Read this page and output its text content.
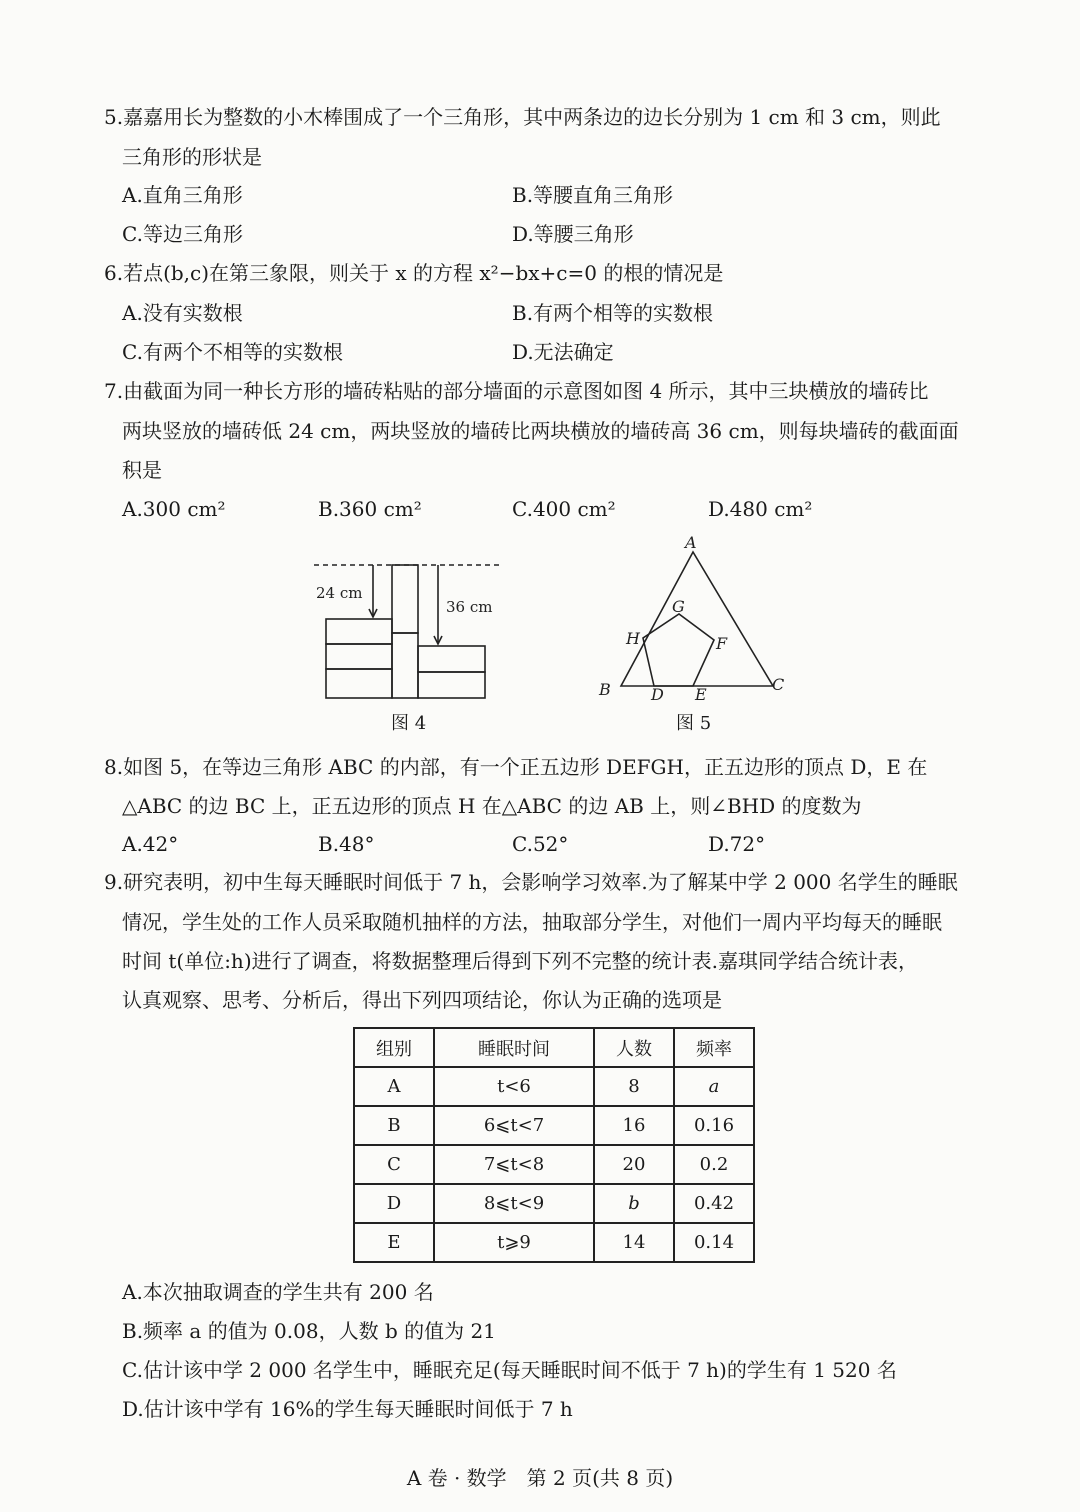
5.嘉嘉用长为整数的小木棒围成了一个三角形，其中两条边的边长分别为 1 cm 和 3 cm，则此
三角形的形状是
A.直角三角形	B.等腰直角三角形
C.等边三角形	D.等腰三角形
6.若点(b,c)在第三象限，则关于 x 的方程 x²−bx+c=0 的根的情况是
A.没有实数根	B.有两个相等的实数根
C.有两个不相等的实数根	D.无法确定
7.由截面为同一种长方形的墙砖粘贴的部分墙面的示意图如图 4 所示，其中三块横放的墙砖比
两块竖放的墙砖低 24 cm，两块竖放的墙砖比两块横放的墙砖高 36 cm，则每块墙砖的截面面
积是
A.300 cm²	B.360 cm²	C.400 cm²	D.480 cm²
24 cm
36 cm
图 4
A
B	C
D E
F
G
H
图 5
8.如图 5，在等边三角形 ABC 的内部，有一个正五边形 DEFGH，正五边形的顶点 D，E 在
△ABC 的边 BC 上，正五边形的顶点 H 在△ABC 的边 AB 上，则∠BHD 的度数为
A.42°	B.48°	C.52°	D.72°
9.研究表明，初中生每天睡眠时间低于 7 h，会影响学习效率.为了解某中学 2 000 名学生的睡眠
情况，学生处的工作人员采取随机抽样的方法，抽取部分学生，对他们一周内平均每天的睡眠
时间 t(单位:h)进行了调查，将数据整理后得到下列不完整的统计表.嘉琪同学结合统计表，
认真观察、思考、分析后，得出下列四项结论，你认为正确的选项是
组别	睡眠时间	人数	频率
A	t<6	8	a
B	6⩽t<7	16	0.16
C	7⩽t<8	20	0.2
D	8⩽t<9	b	0.42
E	t⩾9	14	0.14
A.本次抽取调查的学生共有 200 名
B.频率 a 的值为 0.08，人数 b 的值为 21
C.估计该中学 2 000 名学生中，睡眠充足(每天睡眠时间不低于 7 h)的学生有 1 520 名
D.估计该中学有 16%的学生每天睡眠时间低于 7 h
A 卷 · 数学　第 2 页(共 8 页)
